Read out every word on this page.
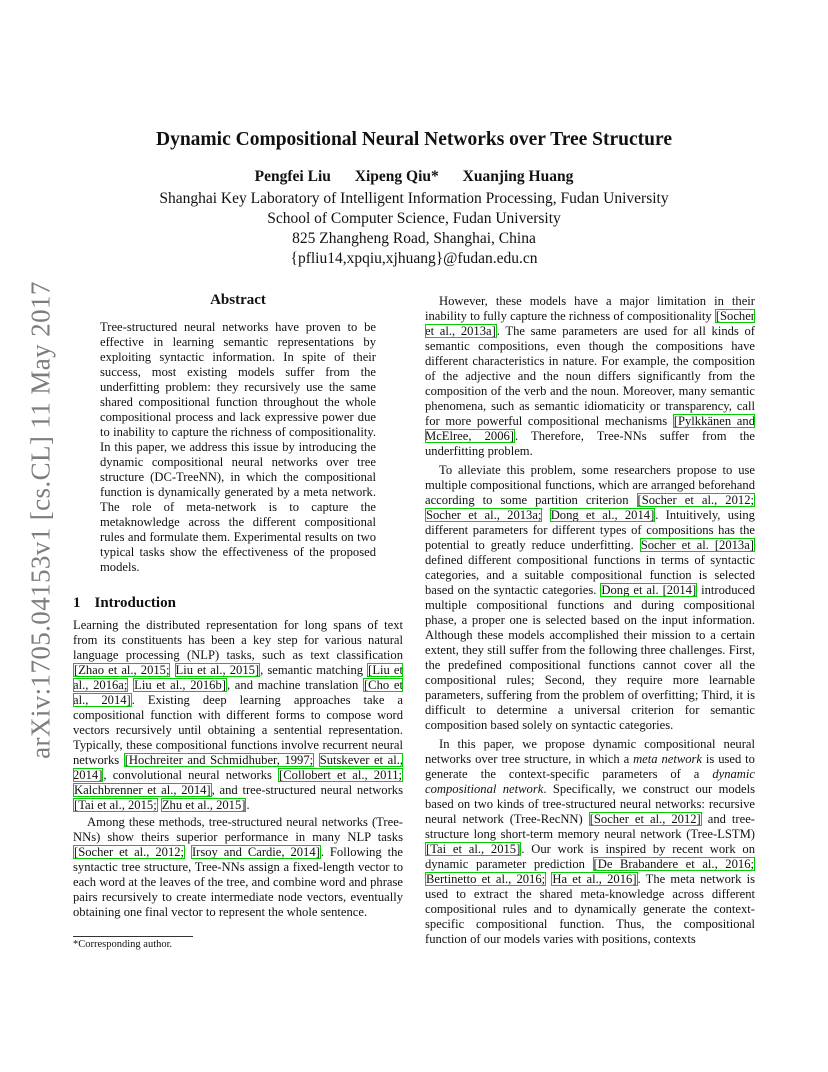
arXiv:1705.04153v1 [cs.CL] 11 May 2017
Dynamic Compositional Neural Networks over Tree Structure
Pengfei Liu Xipeng Qiu* Xuanjing Huang
Shanghai Key Laboratory of Intelligent Information Processing, Fudan University
School of Computer Science, Fudan University
825 Zhangheng Road, Shanghai, China
{pfliu14,xpqiu,xjhuang}@fudan.edu.cn
Abstract
Tree-structured neural networks have proven to be effective in learning semantic representations by exploiting syntactic information. In spite of their success, most existing models suffer from the underfitting problem: they recursively use the same shared compositional function throughout the whole compositional process and lack expressive power due to inability to capture the richness of compositionality. In this paper, we address this issue by introducing the dynamic compositional neural networks over tree structure (DC-TreeNN), in which the compositional function is dynamically generated by a meta network. The role of meta-network is to capture the metaknowledge across the different compositional rules and formulate them. Experimental results on two typical tasks show the effectiveness of the proposed models.
1 Introduction

Learning the distributed representation for long spans of text from its constituents has been a key step for various natural language processing (NLP) tasks, such as text classification [Zhao et al., 2015; Liu et al., 2015], semantic matching [Liu et al., 2016a; Liu et al., 2016b], and machine translation [Cho et al., 2014]. Existing deep learning approaches take a compositional function with different forms to compose word vectors recursively until obtaining a sentential representation. Typically, these compositional functions involve recurrent neural networks [Hochreiter and Schmidhuber, 1997; Sutskever et al., 2014], convolutional neural networks [Collobert et al., 2011; Kalchbrenner et al., 2014], and tree-structured neural networks [Tai et al., 2015; Zhu et al., 2015].

Among these methods, tree-structured neural networks (Tree-NNs) show theirs superior performance in many NLP tasks [Socher et al., 2012; Irsoy and Cardie, 2014]. Following the syntactic tree structure, Tree-NNs assign a fixed-length vector to each word at the leaves of the tree, and combine word and phrase pairs recursively to create intermediate node vectors, eventually obtaining one final vector to represent the whole sentence.

*Corresponding author.

However, these models have a major limitation in their inability to fully capture the richness of compositionality [Socher et al., 2013a]. The same parameters are used for all kinds of semantic compositions, even though the compositions have different characteristics in nature. For example, the composition of the adjective and the noun differs significantly from the composition of the verb and the noun. Moreover, many semantic phenomena, such as semantic idiomaticity or transparency, call for more powerful compositional mechanisms [Pylkkänen and McElree, 2006]. Therefore, Tree-NNs suffer from the underfitting problem.

To alleviate this problem, some researchers propose to use multiple compositional functions, which are arranged beforehand according to some partition criterion [Socher et al., 2012; Socher et al., 2013a; Dong et al., 2014]. Intuitively, using different parameters for different types of compositions has the potential to greatly reduce underfitting. Socher et al. [2013a] defined different compositional functions in terms of syntactic categories, and a suitable compositional function is selected based on the syntactic categories. Dong et al. [2014] introduced multiple compositional functions and during compositional phase, a proper one is selected based on the input information. Although these models accomplished their mission to a certain extent, they still suffer from the following three challenges. First, the predefined compositional functions cannot cover all the compositional rules; Second, they require more learnable parameters, suffering from the problem of overfitting; Third, it is difficult to determine a universal criterion for semantic composition based solely on syntactic categories.

In this paper, we propose dynamic compositional neural networks over tree structure, in which a meta network is used to generate the context-specific parameters of a dynamic compositional network. Specifically, we construct our models based on two kinds of tree-structured neural networks: recursive neural network (Tree-RecNN) [Socher et al., 2012] and tree-structure long short-term memory neural network (Tree-LSTM) [Tai et al., 2015]. Our work is inspired by recent work on dynamic parameter prediction [De Brabandere et al., 2016; Bertinetto et al., 2016; Ha et al., 2016]. The meta network is used to extract the shared meta-knowledge across different compositional rules and to dynamically generate the context-specific compositional function. Thus, the compositional function of our models varies with positions, contexts
